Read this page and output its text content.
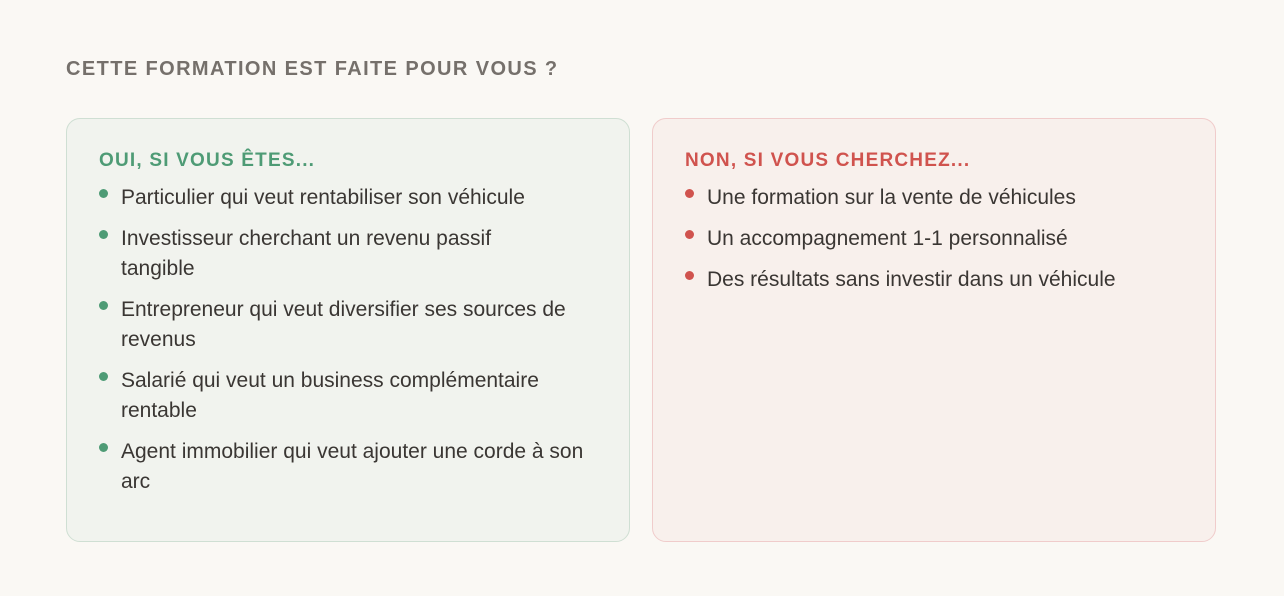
CETTE FORMATION EST FAITE POUR VOUS ?
OUI, SI VOUS ÊTES...
Particulier qui veut rentabiliser son véhicule
Investisseur cherchant un revenu passif tangible
Entrepreneur qui veut diversifier ses sources de revenus
Salarié qui veut un business complémentaire rentable
Agent immobilier qui veut ajouter une corde à son arc
NON, SI VOUS CHERCHEZ...
Une formation sur la vente de véhicules
Un accompagnement 1-1 personnalisé
Des résultats sans investir dans un véhicule
